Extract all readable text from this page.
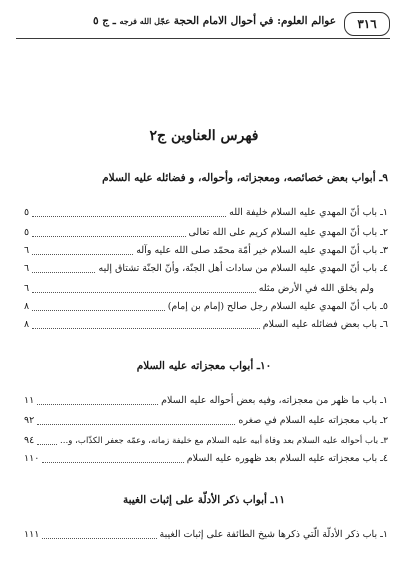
٣١٦
عوالم العلوم: في أحوال الامام الحجة عجّل الله فرجه ـ ج ٥
فهرس العناوين ج٢
٩ـ أبواب بعض خصائصه، ومعجزاته، وأحواله، و فضائله عليه السلام
١ـ باب أنّ المهدي عليه السلام خليفة الله
٥
٢ـ باب أنّ المهدي عليه السلام كريم على الله تعالى
٥
٣ـ باب أنّ المهدي عليه السلام خير أمّة محمّد صلى الله عليه وآله
٦
٤ـ باب أنّ المهدي عليه السلام من سادات أهل الجنّة، وأنّ الجنّة تشتاق إليه
٦
ولم يخلق الله في الأرض مثله
٦
٥ـ باب أنّ المهدي عليه السلام رجل صالح (إمام بن إمام)
٨
٦ـ باب بعض فضائله عليه السلام
٨
١٠ـ أبواب معجزاته عليه السلام
١ـ باب ما ظهر من معجزاته، وفيه بعض أحواله عليه السلام
١١
٢ـ باب معجزاته عليه السلام في صغره
٩٢
٣ـ باب أحواله عليه السلام بعد وفاة أبيه عليه السلام مع خليفة زمانه، وعمّه جعفر الكذّاب، و...
٩٤
٤ـ باب معجزاته عليه السلام بعد ظهوره عليه السلام
١١٠
١١ـ أبواب ذكر الأدلّة على إثبات الغيبة
١ـ باب ذكر الأدلّة الّتي ذكرها شيخ الطائفة على إثبات الغيبة
١١١
